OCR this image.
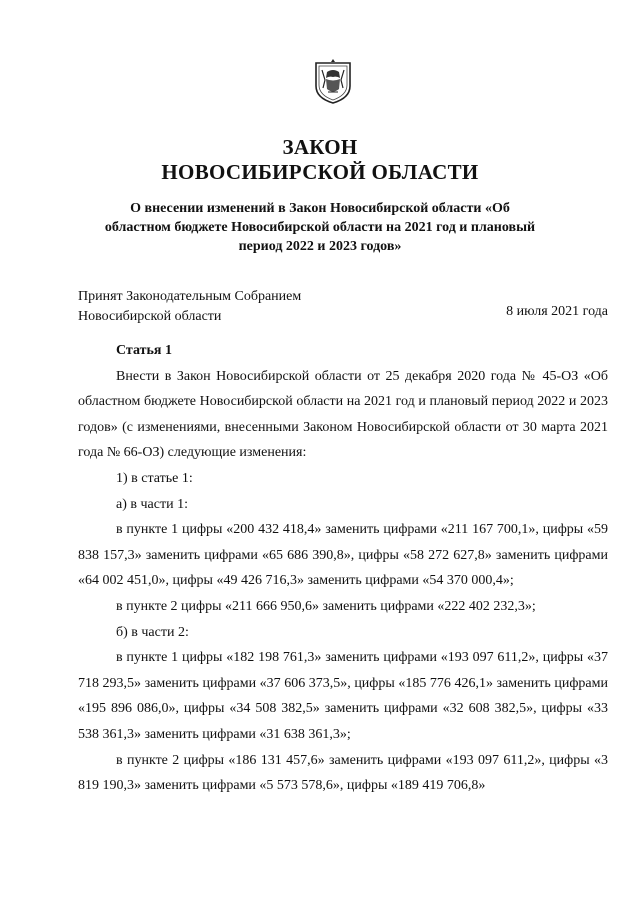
ЗАКОН
НОВОСИБИРСКОЙ ОБЛАСТИ
О внесении изменений в Закон Новосибирской области «Об областном бюджете Новосибирской области на 2021 год и плановый период 2022 и 2023 годов»
Принят Законодательным Собранием
Новосибирской области	8 июля 2021 года
Статья 1
Внести в Закон Новосибирской области от 25 декабря 2020 года № 45-ОЗ «Об областном бюджете Новосибирской области на 2021 год и плановый период 2022 и 2023 годов» (с изменениями, внесенными Законом Новосибирской области от 30 марта 2021 года № 66-ОЗ) следующие изменения:
1) в статье 1:
а) в части 1:
в пункте 1 цифры «200 432 418,4» заменить цифрами «211 167 700,1», цифры «59 838 157,3» заменить цифрами «65 686 390,8», цифры «58 272 627,8» заменить цифрами «64 002 451,0», цифры «49 426 716,3» заменить цифрами «54 370 000,4»;
в пункте 2 цифры «211 666 950,6» заменить цифрами «222 402 232,3»;
б) в части 2:
в пункте 1 цифры «182 198 761,3» заменить цифрами «193 097 611,2», цифры «37 718 293,5» заменить цифрами «37 606 373,5», цифры «185 776 426,1» заменить цифрами «195 896 086,0», цифры «34 508 382,5» заменить цифрами «32 608 382,5», цифры «33 538 361,3» заменить цифрами «31 638 361,3»;
в пункте 2 цифры «186 131 457,6» заменить цифрами «193 097 611,2», цифры «3 819 190,3» заменить цифрами «5 573 578,6», цифры «189 419 706,8»
